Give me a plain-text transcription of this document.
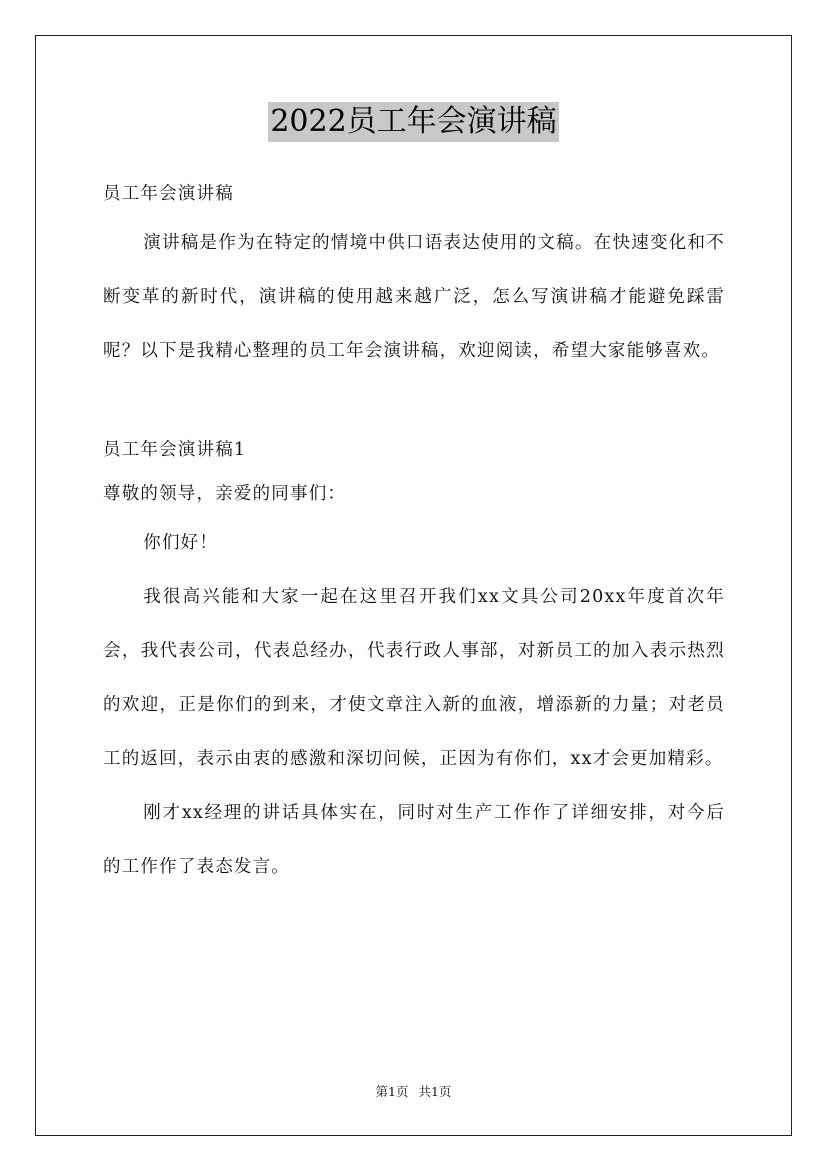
2022员工年会演讲稿

员工年会演讲稿

演讲稿是作为在特定的情境中供口语表达使用的文稿。在快速变化和不断变革的新时代，演讲稿的使用越来越广泛，怎么写演讲稿才能避免踩雷呢？以下是我精心整理的员工年会演讲稿，欢迎阅读，希望大家能够喜欢。

员工年会演讲稿1

尊敬的领导，亲爱的同事们：

你们好！

我很高兴能和大家一起在这里召开我们xx文具公司20xx年度首次年会，我代表公司，代表总经办，代表行政人事部，对新员工的加入表示热烈的欢迎，正是你们的到来，才使文章注入新的血液，增添新的力量；对老员工的返回，表示由衷的感激和深切问候，正因为有你们，xx才会更加精彩。

刚才xx经理的讲话具体实在，同时对生产工作作了详细安排，对今后的工作作了表态发言。

第1页 共1页
